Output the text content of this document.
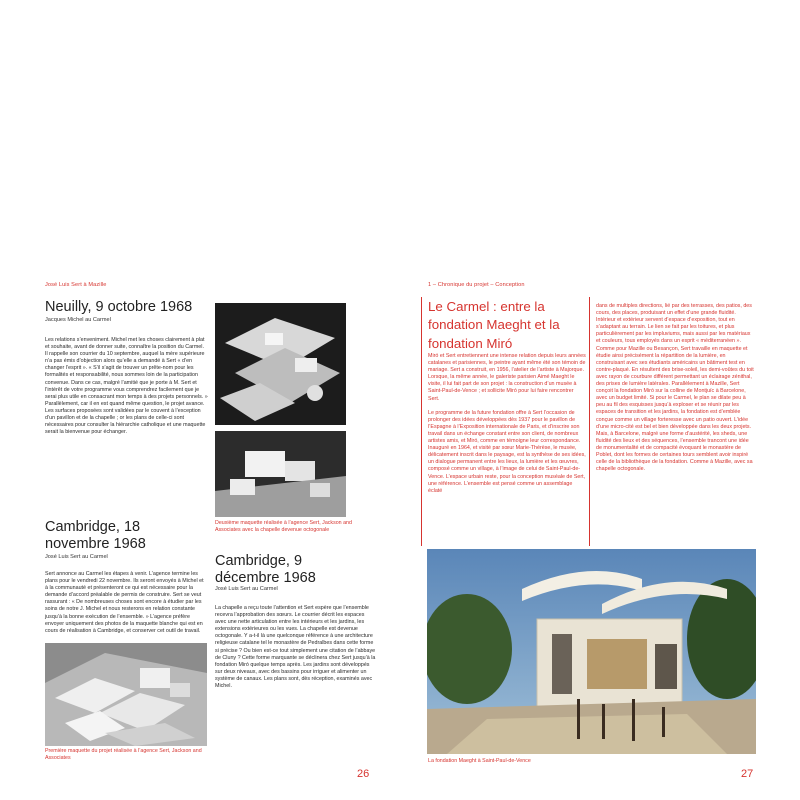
José Luis Sert à Mazille
Neuilly, 9 octobre 1968
Jacques Michel au Carmel

Les relations s’enveniment. Michel met les choses clairement à plat et souhaite, avant de donner suite, connaître la position du Carmel. Il rappelle son courrier du 10 septembre, auquel la mère supérieure n’a pas émis d’objection alors qu’elle a demandé à Sert « d’en changer l’esprit ». « S’il s’agit de trouver un prête-nom pour les formalités et responsabilité, nous sommes loin de la participation convenue. Dans ce cas, malgré l’amitié que je porte à M. Sert et l’intérêt de votre programme vous comprendrez facilement que je serai plus utile en consacrant mon temps à des projets personnels. » Parallèlement, car il en est quand même question, le projet avance. Les surfaces proposées sont validées par le couvent à l’exception d’un pavillon et de la chapelle ; or les plans de celle-ci sont nécessaires pour consulter la hiérarchie catholique et une maquette serait la bienvenue pour échanger.

Cambridge, 18 novembre 1968
José Luis Sert au Carmel

Sert annonce au Carmel les étapes à venir. L’agence termine les plans pour le vendredi 22 novembre. Ils seront envoyés à Michel et à la communauté et présenteront ce qui est nécessaire pour la demande d’accord préalable de permis de construire. Sert se veut rassurant : « De nombreuses choses sont encore à étudier par les soins de notre J. Michel et nous resterons en relation constante jusqu’à la bonne exécution de l’ensemble. » L’agence préfère envoyer uniquement des photos de la maquette blanche qui est en cours de réalisation à Cambridge, et conserver cet outil de travail.

Première maquette du projet réalisée à l’agence Sert, Jackson and Associates
Deuxième maquette réalisée à l’agence Sert, Jackson and Associates avec la chapelle devenue octogonale
Cambridge, 9 décembre 1968
José Luis Sert au Carmel

La chapelle a reçu toute l’attention et Sert espère que l’ensemble recevra l’approbation des sœurs. Le courrier décrit les espaces avec une nette articulation entre les intérieurs et les jardins, les extensions extérieures ou les vues. La chapelle est devenue octogonale. Y a-t-il là une quelconque référence à une architecture religieuse catalane tel le monastère de Pedralbes dans cette forme si précise ? Ou bien est-ce tout simplement une citation de l’abbaye de Cluny ? Cette forme marquante se déclinera chez Sert jusqu’à la fondation Miró quelque temps après. Les jardins sont développés sur deux niveaux, avec des bassins pour irriguer et alimenter un système de canaux. Les plans sont, dès réception, examinés avec Michel.

26
1 – Chronique du projet – Conception
Le Carmel : entre la fondation Maeght et la fondation Miró

Miró et Sert entretiennent une intense relation depuis leurs années catalanes et parisiennes, le peintre ayant même été son témoin de mariage. Sert a construit, en 1956, l’atelier de l’artiste à Majorque. Lorsque, la même année, le galeriste parisien Aimé Maeght le visite, il lui fait part de son projet : la construction d’un musée à Saint-Paul-de-Vence ; et sollicite Miró pour lui faire rencontrer Sert.

Le programme de la future fondation offre à Sert l’occasion de prolonger des idées développées dès 1937 pour le pavillon de l’Espagne à l’Exposition internationale de Paris, et d’inscrire son travail dans un échange constant entre son client, de nombreux artistes amis, et Miró, comme en témoigne leur correspondance. Inauguré en 1964, et visité par sœur Marie-Thérèse, le musée, délicatement inscrit dans le paysage, est la synthèse de ses idées, un dialogue permanent entre les lieux, la lumière et les œuvres, composé comme un village, à l’image de celui de Saint-Paul-de-Vence. L’espace urbain reste, pour la conception muséale de Sert, une référence. L’ensemble est pensé comme un assemblage éclaté

dans de multiples directions, lié par des terrasses, des patios, des cours, des places, produisant un effet d’une grande fluidité. Intérieur et extérieur servent d’espace d’exposition, tout en s’adaptant au terrain. Le lien se fait par les toitures, et plus particulièrement par les impluviums, mais aussi par les matériaux et couleurs, tous employés dans un esprit « méditerranéen ». Comme pour Mazille ou Besançon, Sert travaille en maquette et étudie ainsi précisément la répartition de la lumière, en construisant avec ses étudiants américains un bâtiment test en contre-plaqué. En résultent des brise-soleil, les demi-voûtes du toit avec rayon de courbure différent permettant un éclairage zénithal, des prises de lumière latérales. Parallèlement à Mazille, Sert conçoit la fondation Miró sur la colline de Montjuïc à Barcelone, avec un budget limité. Si pour le Carmel, le plan se dilate peu à peu au fil des esquisses jusqu’à exploser et se réunir par les espaces de transition et les jardins, la fondation est d’emblée conçue comme un village forteresse avec un patio ouvert. L’idée d’une micro-cité est bel et bien développée dans les deux projets. Mais, à Barcelone, malgré une forme d’austérité, les sheds, une fluidité des lieux et des séquences, l’ensemble trancont une idée de monumentalité et de compacité évoquant le monastère de Poblet, dont les formes de certaines tours semblent avoir inspiré celle de la bibliothèque de la fondation. Comme à Mazille, avec sa chapelle octogonale.

La fondation Maeght à Saint-Paul-de-Vence
27
